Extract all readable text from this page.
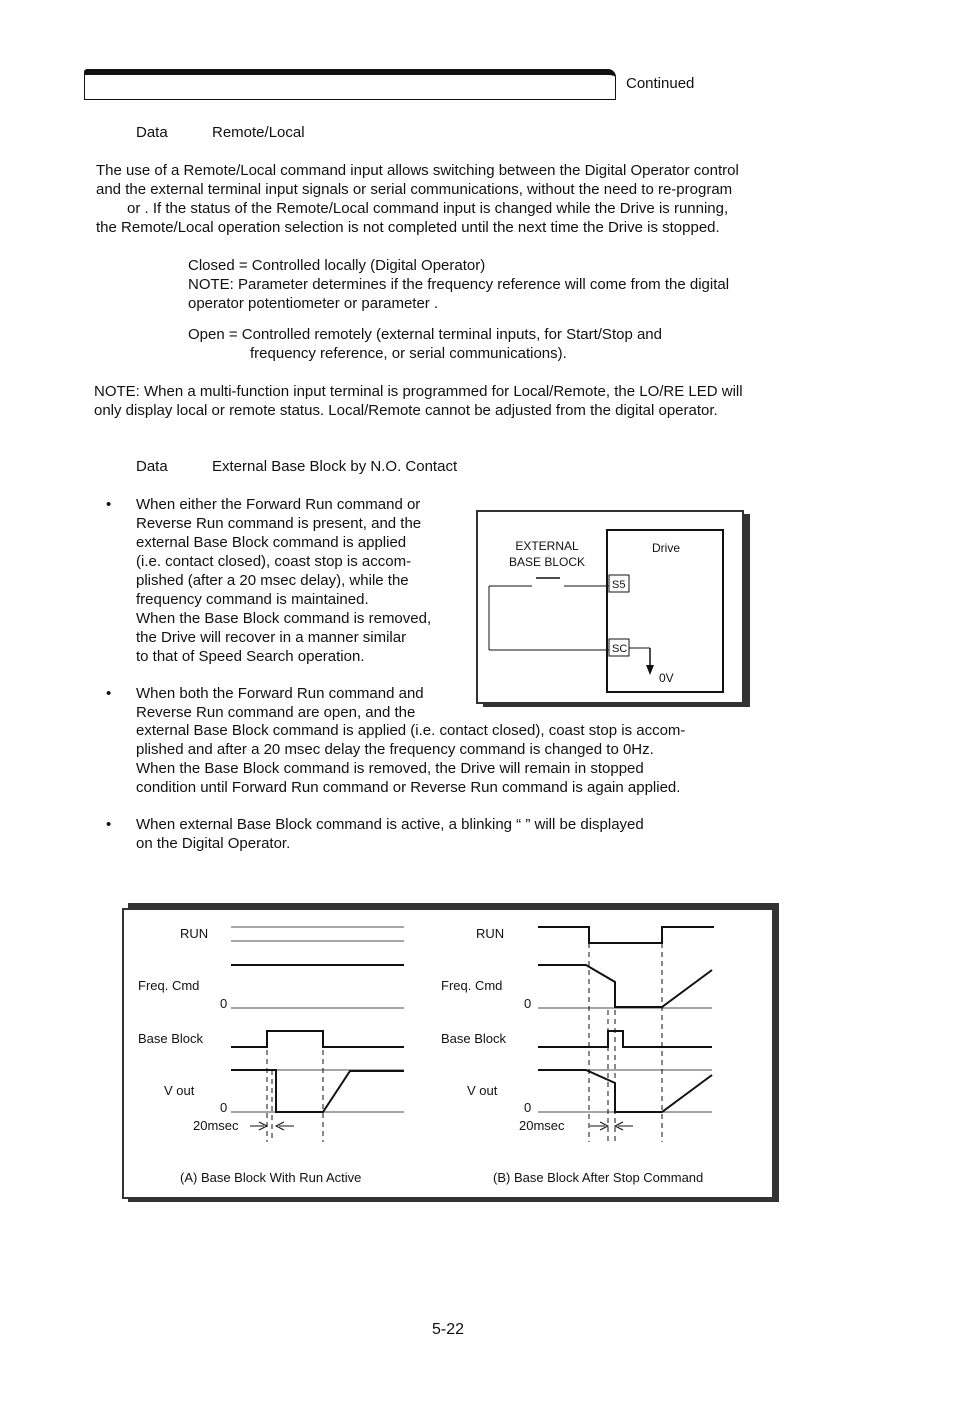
Continued
Data	Remote/Local
The use of a Remote/Local command input allows switching between the Digital Operator control
and the external terminal input signals or serial communications, without the need to re-program
or . If the status of the Remote/Local command input is changed while the Drive is running,
the Remote/Local operation selection is not completed until the next time the Drive is stopped.
Closed = Controlled locally (Digital Operator)
NOTE: Parameter determines if the frequency reference will come from the digital
operator potentiometer or parameter .
Open = Controlled remotely (external terminal inputs, for Start/Stop and
frequency reference, or serial communications).
NOTE: When a multi-function input terminal is programmed for Local/Remote, the LO/RE LED will
only display local or remote status. Local/Remote cannot be adjusted from the digital operator.
Data	External Base Block by N.O. Contact
• When either the Forward Run command or
Reverse Run command is present, and the
external Base Block command is applied
(i.e. contact closed), coast stop is accom-
plished (after a 20 msec delay), while the
frequency command is maintained.
When the Base Block command is removed,
the Drive will recover in a manner similar
to that of Speed Search operation.
• When both the Forward Run command and
Reverse Run command are open, and the
external Base Block command is applied (i.e. contact closed), coast stop is accom-
plished and after a 20 msec delay the frequency command is changed to 0Hz.
When the Base Block command is removed, the Drive will remain in stopped
condition until Forward Run command or Reverse Run command is again applied.
• When external Base Block command is active, a blinking “ ” will be displayed
on the Digital Operator.
EXTERNAL
BASE BLOCK
Drive
S5
SC
0V
RUN
Freq. Cmd
0
Base Block
V out
0
20msec
(A) Base Block With Run Active
RUN
Freq. Cmd
0
Base Block
V out
0
20msec
(B) Base Block After Stop Command
5-22
